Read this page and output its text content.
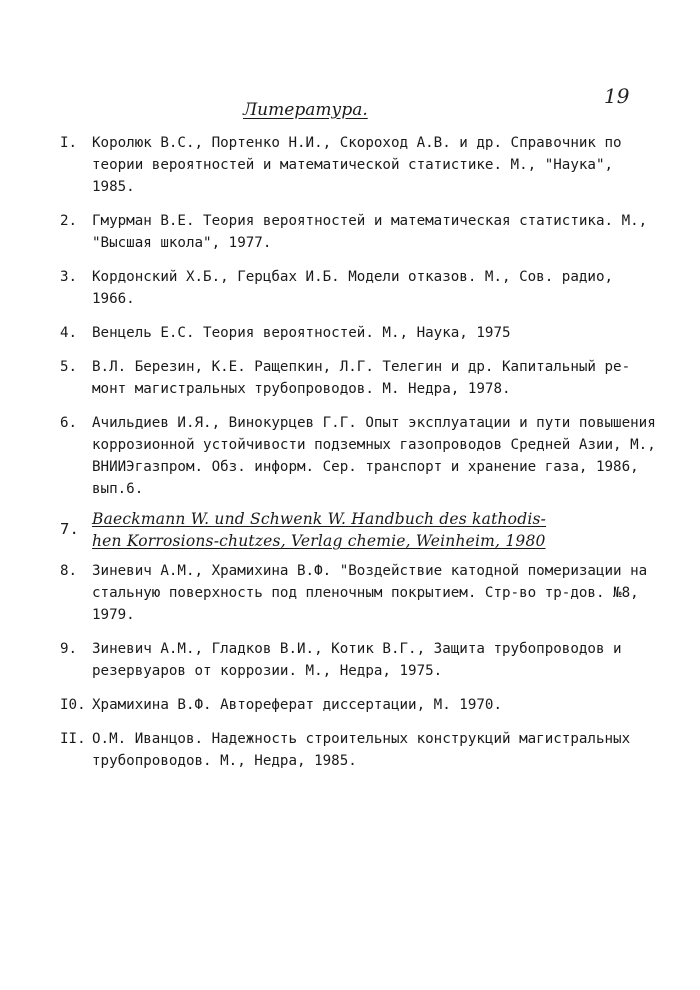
19
Литература.
I.	Королюк В.С., Портенко Н.И., Скороход А.В. и др. Справочник по
теории вероятностей и математической статистике. М., "Наука",
1985.
2.	Гмурман В.Е. Теория вероятностей и математическая статистика. М.,
"Высшая школа", 1977.
3.	Кордонский Х.Б., Герцбах И.Б. Модели отказов. М., Сов. радио,
1966.
4.	Венцель Е.С. Теория вероятностей. М., Наука, 1975
5.	В.Л. Березин, К.Е. Ращепкин, Л.Г. Телегин и др. Капитальный ре-
монт магистральных трубопроводов. М. Недра, 1978.
6.	Ачильдиев И.Я., Винокурцев Г.Г. Опыт эксплуатации и пути повышения
коррозионной устойчивости подземных газопроводов Средней Азии, М.,
ВНИИЭгазпром. Обз. информ. Сер. транспорт и хранение газа, 1986,
вып.6.
7.
Baeckmann W. und Schwenk W. Handbuch des kathodis-
hen Korrosions-chutzes, Verlag chemie, Weinheim, 1980
8.	Зиневич А.М., Храмихина В.Ф. "Воздействие катодной померизации на
стальную поверхность под пленочным покрытием. Стр-во тр-дов. №8,
1979.
9.	Зиневич А.М., Гладков В.И., Котик В.Г., Защита трубопроводов и
резервуаров от коррозии. М., Недра, 1975.
I0. Храмихина В.Ф. Автореферат диссертации, М. 1970.
II. О.М. Иванцов. Надежность строительных конструкций магистральных
трубопроводов. М., Недра, 1985.
